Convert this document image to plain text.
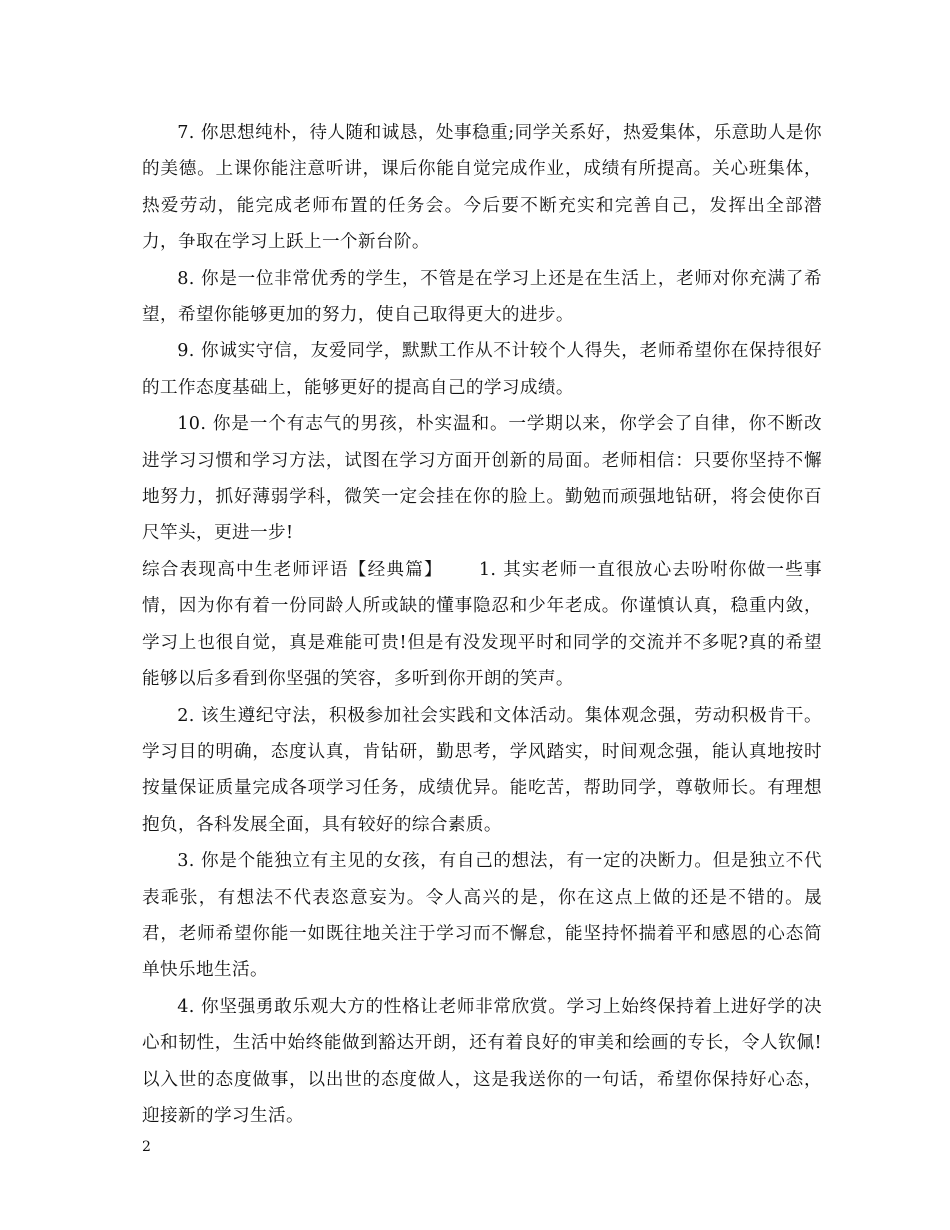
7. 你思想纯朴，待人随和诚恳，处事稳重;同学关系好，热爱集体，乐意助人是你的美德。上课你能注意听讲，课后你能自觉完成作业，成绩有所提高。关心班集体，热爱劳动，能完成老师布置的任务会。今后要不断充实和完善自己，发挥出全部潜力，争取在学习上跃上一个新台阶。

8. 你是一位非常优秀的学生，不管是在学习上还是在生活上，老师对你充满了希望，希望你能够更加的努力，使自己取得更大的进步。

9. 你诚实守信，友爱同学，默默工作从不计较个人得失，老师希望你在保持很好的工作态度基础上，能够更好的提高自己的学习成绩。

10. 你是一个有志气的男孩，朴实温和。一学期以来，你学会了自律，你不断改进学习习惯和学习方法，试图在学习方面开创新的局面。老师相信：只要你坚持不懈地努力，抓好薄弱学科，微笑一定会挂在你的脸上。勤勉而顽强地钻研，将会使你百尺竿头，更进一步!

综合表现高中生老师评语【经典篇】 1. 其实老师一直很放心去吩咐你做一些事情，因为你有着一份同龄人所或缺的懂事隐忍和少年老成。你谨慎认真，稳重内敛，学习上也很自觉，真是难能可贵!但是有没发现平时和同学的交流并不多呢?真的希望能够以后多看到你坚强的笑容，多听到你开朗的笑声。

2. 该生遵纪守法，积极参加社会实践和文体活动。集体观念强，劳动积极肯干。学习目的明确，态度认真，肯钻研，勤思考，学风踏实，时间观念强，能认真地按时按量保证质量完成各项学习任务，成绩优异。能吃苦，帮助同学，尊敬师长。有理想抱负，各科发展全面，具有较好的综合素质。

3. 你是个能独立有主见的女孩，有自己的想法，有一定的决断力。但是独立不代表乖张，有想法不代表恣意妄为。令人高兴的是，你在这点上做的还是不错的。晟君，老师希望你能一如既往地关注于学习而不懈怠，能坚持怀揣着平和感恩的心态简单快乐地生活。

4. 你坚强勇敢乐观大方的性格让老师非常欣赏。学习上始终保持着上进好学的决心和韧性，生活中始终能做到豁达开朗，还有着良好的审美和绘画的专长，令人钦佩!以入世的态度做事，以出世的态度做人，这是我送你的一句话，希望你保持好心态，迎接新的学习生活。

2
